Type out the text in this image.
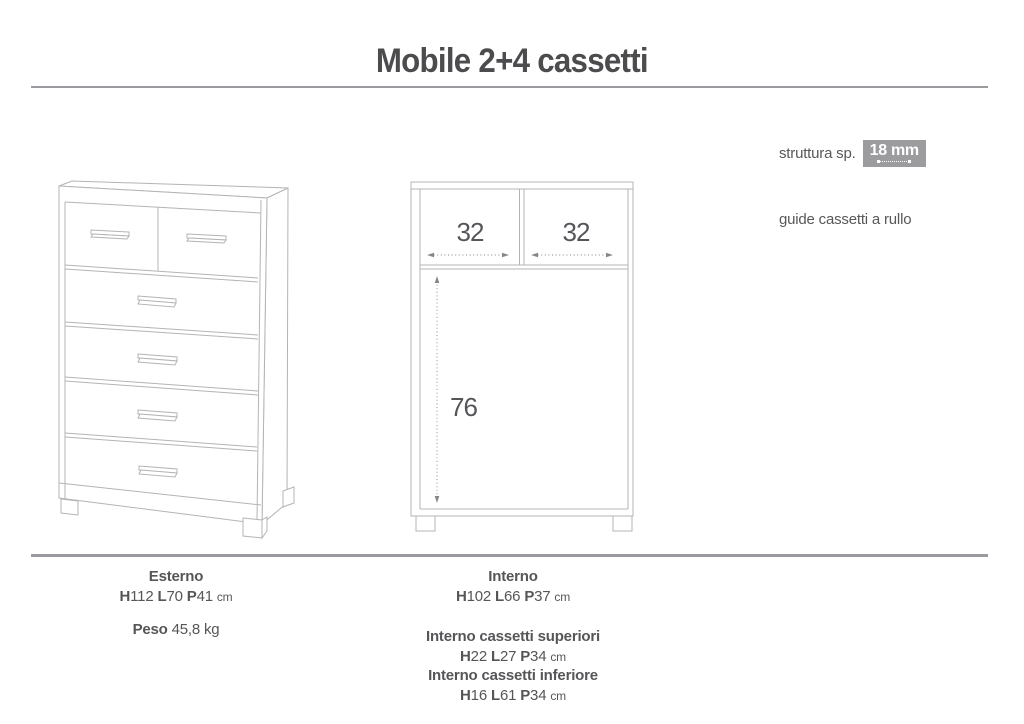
Mobile 2+4 cassetti
struttura sp. 18 mm
guide cassetti a rullo
32	32
76
Esterno
H112 L70 P41 cm
Peso 45,8 kg
Interno
H102 L66 P37 cm
Interno cassetti superiori
H22 L27 P34 cm
Interno cassetti inferiore
H16 L61 P34 cm
